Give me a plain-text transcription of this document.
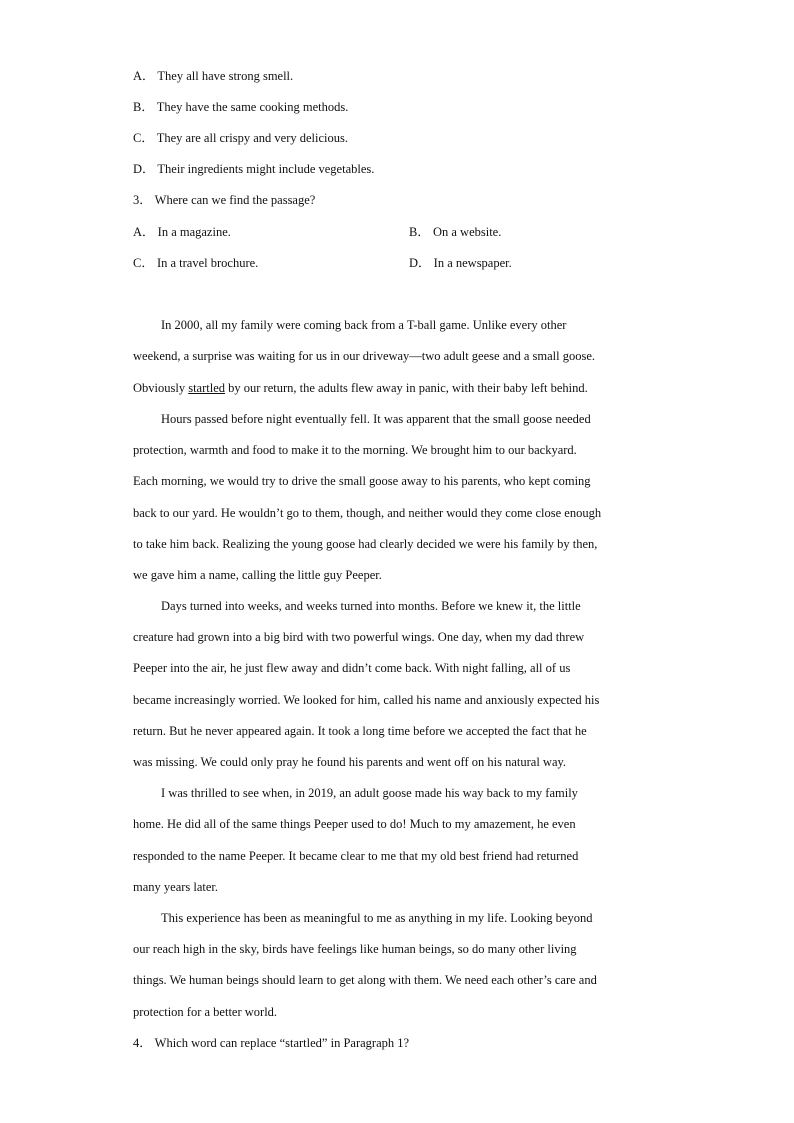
A． They all have strong smell.
B． They have the same cooking methods.
C． They are all crispy and very delicious.
D． Their ingredients might include vegetables.
3． Where can we find the passage?
A． In a magazine.	B． On a website.
C． In a travel brochure.	D． In a newspaper.
In 2000, all my family were coming back from a T-ball game. Unlike every other
weekend, a surprise was waiting for us in our driveway—two adult geese and a small goose.
Obviously startled by our return, the adults flew away in panic, with their baby left behind.
Hours passed before night eventually fell. It was apparent that the small goose needed
protection, warmth and food to make it to the morning. We brought him to our backyard.
Each morning, we would try to drive the small goose away to his parents, who kept coming
back to our yard. He wouldn’t go to them, though, and neither would they come close enough
to take him back. Realizing the young goose had clearly decided we were his family by then,
we gave him a name, calling the little guy Peeper.
Days turned into weeks, and weeks turned into months. Before we knew it, the little
creature had grown into a big bird with two powerful wings. One day, when my dad threw
Peeper into the air, he just flew away and didn’t come back. With night falling, all of us
became increasingly worried. We looked for him, called his name and anxiously expected his
return. But he never appeared again. It took a long time before we accepted the fact that he
was missing. We could only pray he found his parents and went off on his natural way.
I was thrilled to see when, in 2019, an adult goose made his way back to my family
home. He did all of the same things Peeper used to do! Much to my amazement, he even
responded to the name Peeper. It became clear to me that my old best friend had returned
many years later.
This experience has been as meaningful to me as anything in my life. Looking beyond
our reach high in the sky, birds have feelings like human beings, so do many other living
things. We human beings should learn to get along with them. We need each other’s care and
protection for a better world.
4． Which word can replace “startled” in Paragraph 1?
